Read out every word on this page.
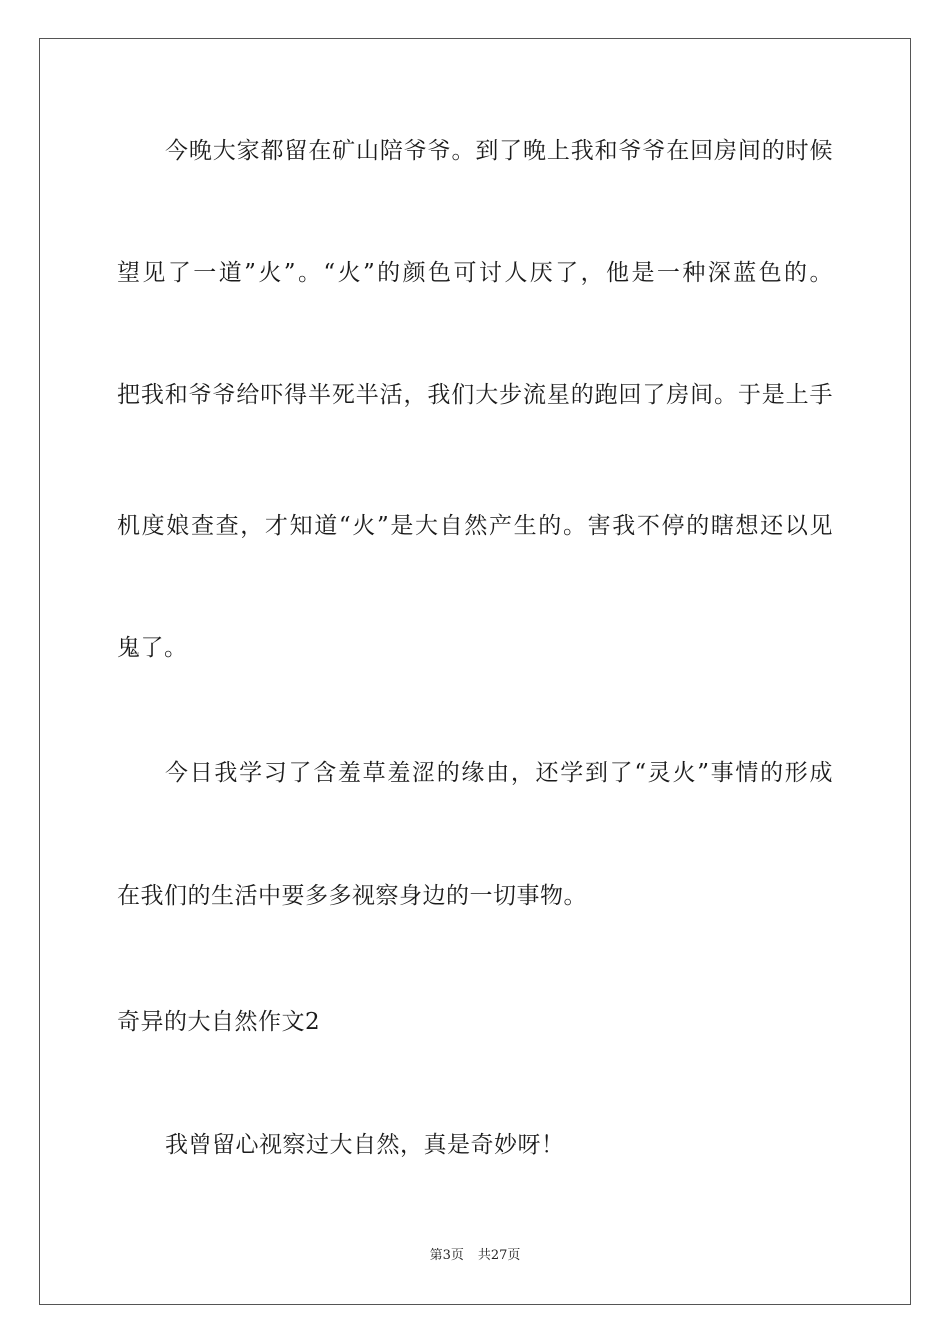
今晚大家都留在矿山陪爷爷。到了晚上我和爷爷在回房间的时候
望见了一道”火”。“火”的颜色可讨人厌了，他是一种深蓝色的。
把我和爷爷给吓得半死半活，我们大步流星的跑回了房间。于是上手
机度娘查查，才知道“火”是大自然产生的。害我不停的瞎想还以见
鬼了。
今日我学习了含羞草羞涩的缘由，还学到了“灵火”事情的形成
在我们的生活中要多多视察身边的一切事物。
奇异的大自然作文2
我曾留心视察过大自然，真是奇妙呀！
第3页 共27页
